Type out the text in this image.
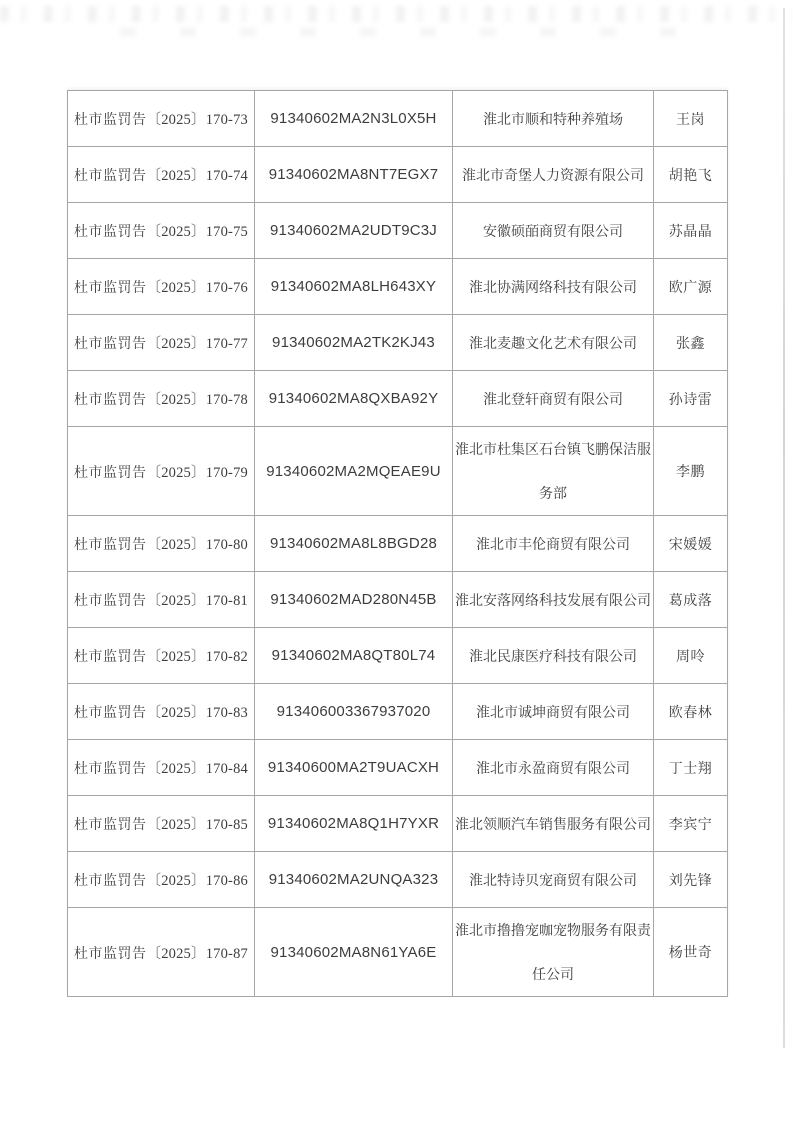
杜市监罚告〔2025〕170-73	91340602MA2N3L0X5H	淮北市顺和特种养殖场	王岗
杜市监罚告〔2025〕170-74	91340602MA8NT7EGX7	淮北市奇堡人力资源有限公司	胡艳飞
杜市监罚告〔2025〕170-75	91340602MA2UDT9C3J	安徽硕皕商贸有限公司	苏晶晶
杜市监罚告〔2025〕170-76	91340602MA8LH643XY	淮北协满网络科技有限公司	欧广源
杜市监罚告〔2025〕170-77	91340602MA2TK2KJ43	淮北麦趣文化艺术有限公司	张鑫
杜市监罚告〔2025〕170-78	91340602MA8QXBA92Y	淮北登轩商贸有限公司	孙诗雷
杜市监罚告〔2025〕170-79	91340602MA2MQEAE9U	淮北市杜集区石台镇飞鹏保洁服务部	李鹏
杜市监罚告〔2025〕170-80	91340602MA8L8BGD28	淮北市丰伦商贸有限公司	宋媛媛
杜市监罚告〔2025〕170-81	91340602MAD280N45B	淮北安落网络科技发展有限公司	葛成落
杜市监罚告〔2025〕170-82	91340602MA8QT80L74	淮北民康医疗科技有限公司	周呤
杜市监罚告〔2025〕170-83	913406003367937020	淮北市诚坤商贸有限公司	欧春林
杜市监罚告〔2025〕170-84	91340600MA2T9UACXH	淮北市永盈商贸有限公司	丁士翔
杜市监罚告〔2025〕170-85	91340602MA8Q1H7YXR	淮北领顺汽车销售服务有限公司	李宾宁
杜市监罚告〔2025〕170-86	91340602MA2UNQA323	淮北特诗贝宠商贸有限公司	刘先锋
杜市监罚告〔2025〕170-87	91340602MA8N61YA6E	淮北市撸撸宠咖宠物服务有限责任公司	杨世奇
